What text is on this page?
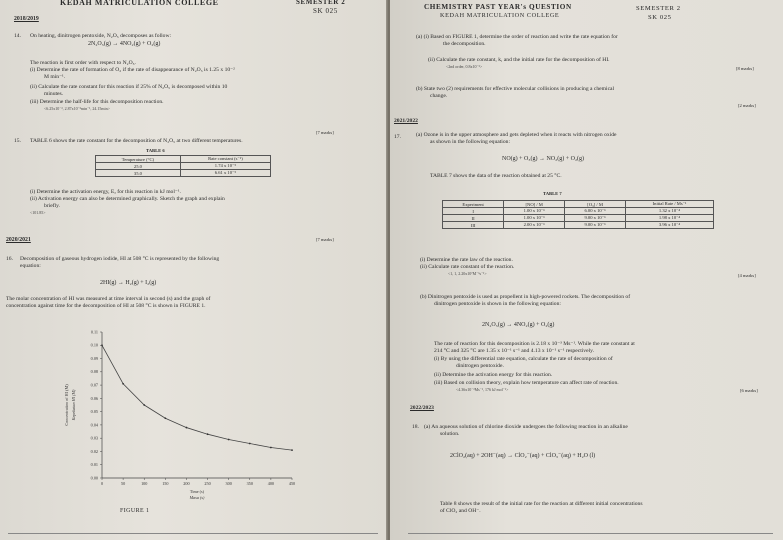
KEDAH MATRICULATION COLLEGE	SEMESTER 2
SK 025
2018/2019
14. On heating, dinitrogen pentoxide, N₂O₅ decomposes as follow:
2N₂O₅(g) → 4NO₂(g) + O₂(g)
The reaction is first order with respect to N₂O₅.
(i) Determine the rate of formation of O₂ if the rate of disappearance of N₂O₅ is 1.25 x 10⁻²
M min⁻¹.
(ii) Calculate the rate constant for this reaction if 25% of N₂O₅ is decomposed within 10
minutes.
(iii) Determine the half-life for this decomposition reaction.
<6.25x10⁻³, 2.87x10⁻²min⁻¹, 24.15min>
[7 marks]
15. TABLE 6 shows the rate constant for the decomposition of N₂O₅ at two different temperatures.
TABLE 6
Temperature (°C)	Rate constant (s⁻¹)
25.0	1.74 x 10⁻⁵
35.0	6.61 x 10⁻⁵
(i) Determine the activation energy, Eₐ for this reaction in kJ mol⁻¹.
(ii) Activation energy can also be determined graphically. Sketch the graph and explain
briefly.
<101.85>
[7 marks]
2020/2021
16. Decomposition of gaseous hydrogen iodide, HI at 508 °C is represented by the following
equation:
2HI(g) → H₂(g) + I₂(g)
The molar concentration of HI was measured at time interval in second (s) and the graph of
concentration against time for the decomposition of HI at 508 °C is shown in FIGURE 1.
0.00
0.01
0.02
0.03
0.04
0.05
0.06
0.07
0.08
0.09
0.10
0.11
0	50	100	150	200	250	300	350	400	450
Time (s)
Masa (s)
Concentration of HI (M) Kepekatan HI (M)
FIGURE 1
CHEMISTRY PAST YEAR's QUESTION
KEDAH MATRICULATION COLLEGE
SEMESTER 2
SK 025
(a) (i) Based on FIGURE 1, determine the order of reaction and write the rate equation for
the decomposition.
(ii) Calculate the rate constant, k, and the initial rate for the decomposition of HI.
<2nd order, 0.8x10⁻³>	[8 marks]
(b) State two (2) requirements for effective molecular collisions in producing a chemical
change.
[2 marks]
2021/2022
17.	(a) Ozone is in the upper atmosphere and gets depleted when it reacts with nitrogen oxide
as shown in the following equation:
NO(g) + O₃(g) → NO₂(g) + O₂(g)
TABLE 7 shows the data of the reaction obtained at 25 °C.
TABLE 7
Experiment	[NO] / M	[O₃] / M	Initial Rate / Ms⁻¹
I	1.00 x 10⁻⁶	6.00 x 10⁻⁶	1.32 x 10⁻⁴
II	1.00 x 10⁻⁶	9.00 x 10⁻⁶	1.98 x 10⁻⁴
III	2.00 x 10⁻⁶	9.00 x 10⁻⁶	3.96 x 10⁻⁴
(i) Determine the rate law of the reaction.
(ii) Calculate rate constant of the reaction.
<1, 1, 2.20x10⁷M⁻¹s⁻¹>	[4 marks]
(b) Dinitrogen pentoxide is used as propellent in high-powered rockets. The decomposition of
dinitrogen pentoxide is shown in the following equation:
2N₂O₅(g) → 4NO₂(g) + O₂(g)
The rate of reaction for this decomposition is 2.18 x 10⁻³ Ms⁻¹. While the rate constant at
214 °C and 325 °C are 1.35 x 10⁻¹ s⁻¹ and 4.13 x 10⁻¹ s⁻¹ respectively.
(i) By using the differential rate equation, calculate the rate of decomposition of
dinitrogen pentoxide.
(ii) Determine the activation energy for this reaction.
(iii) Based on collision theory, explain how temperature can affect rate of reaction.
<4.36x10⁻³Ms⁻¹, 176 kJ mol⁻¹>	[6 marks]
2022/2023
18. (a) An aqueous solution of chlorine dioxide undergoes the following reaction in an alkaline
solution.
2ClO₂(aq) + 2OH⁻(aq) → ClO₂⁻(aq) + ClO₃⁻(aq) + H₂O (l)
Table 8 shows the result of the initial rate for the reaction at different initial concentrations
of ClO₂ and OH⁻.
